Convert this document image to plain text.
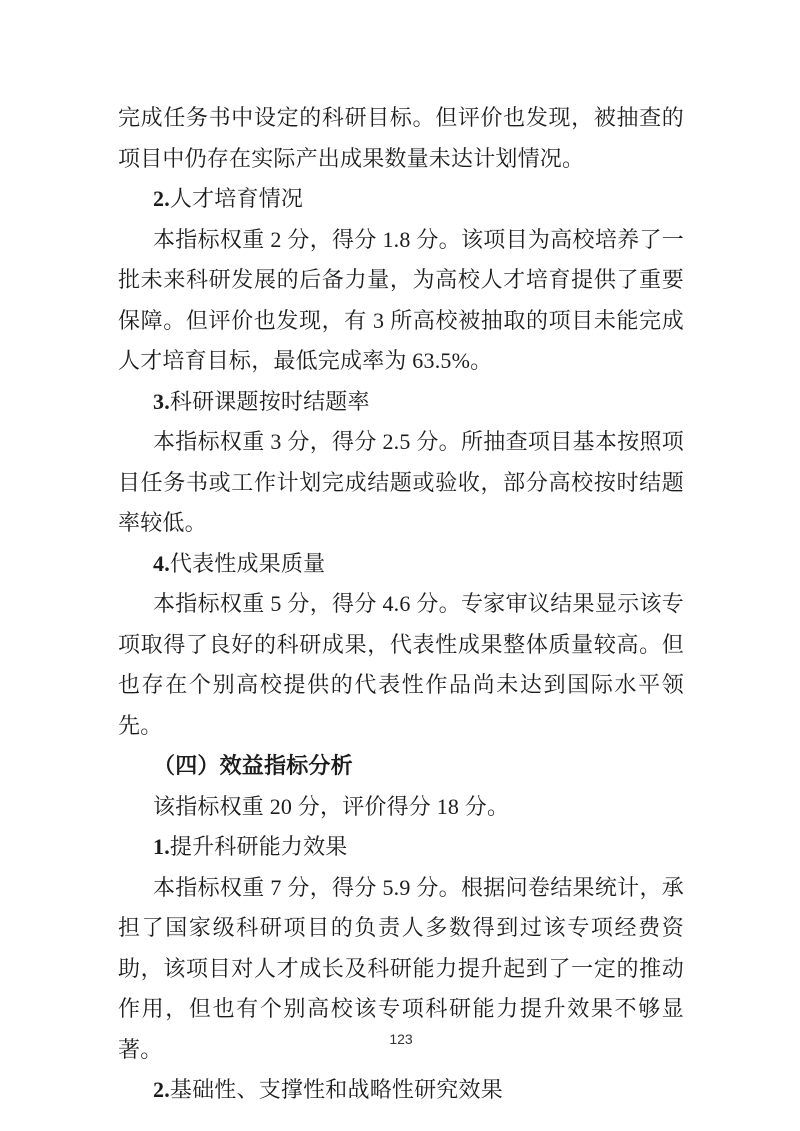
完成任务书中设定的科研目标。但评价也发现，被抽查的项目中仍存在实际产出成果数量未达计划情况。

2.人才培育情况

本指标权重 2 分，得分 1.8 分。该项目为高校培养了一批未来科研发展的后备力量，为高校人才培育提供了重要保障。但评价也发现，有 3 所高校被抽取的项目未能完成人才培育目标，最低完成率为 63.5%。

3.科研课题按时结题率

本指标权重 3 分，得分 2.5 分。所抽查项目基本按照项目任务书或工作计划完成结题或验收，部分高校按时结题率较低。

4.代表性成果质量

本指标权重 5 分，得分 4.6 分。专家审议结果显示该专项取得了良好的科研成果，代表性成果整体质量较高。但也存在个别高校提供的代表性作品尚未达到国际水平领先。

（四）效益指标分析

该指标权重 20 分，评价得分 18 分。

1.提升科研能力效果

本指标权重 7 分，得分 5.9 分。根据问卷结果统计，承担了国家级科研项目的负责人多数得到过该专项经费资助，该项目对人才成长及科研能力提升起到了一定的推动作用，但也有个别高校该专项科研能力提升效果不够显著。

2.基础性、支撑性和战略性研究效果

123
